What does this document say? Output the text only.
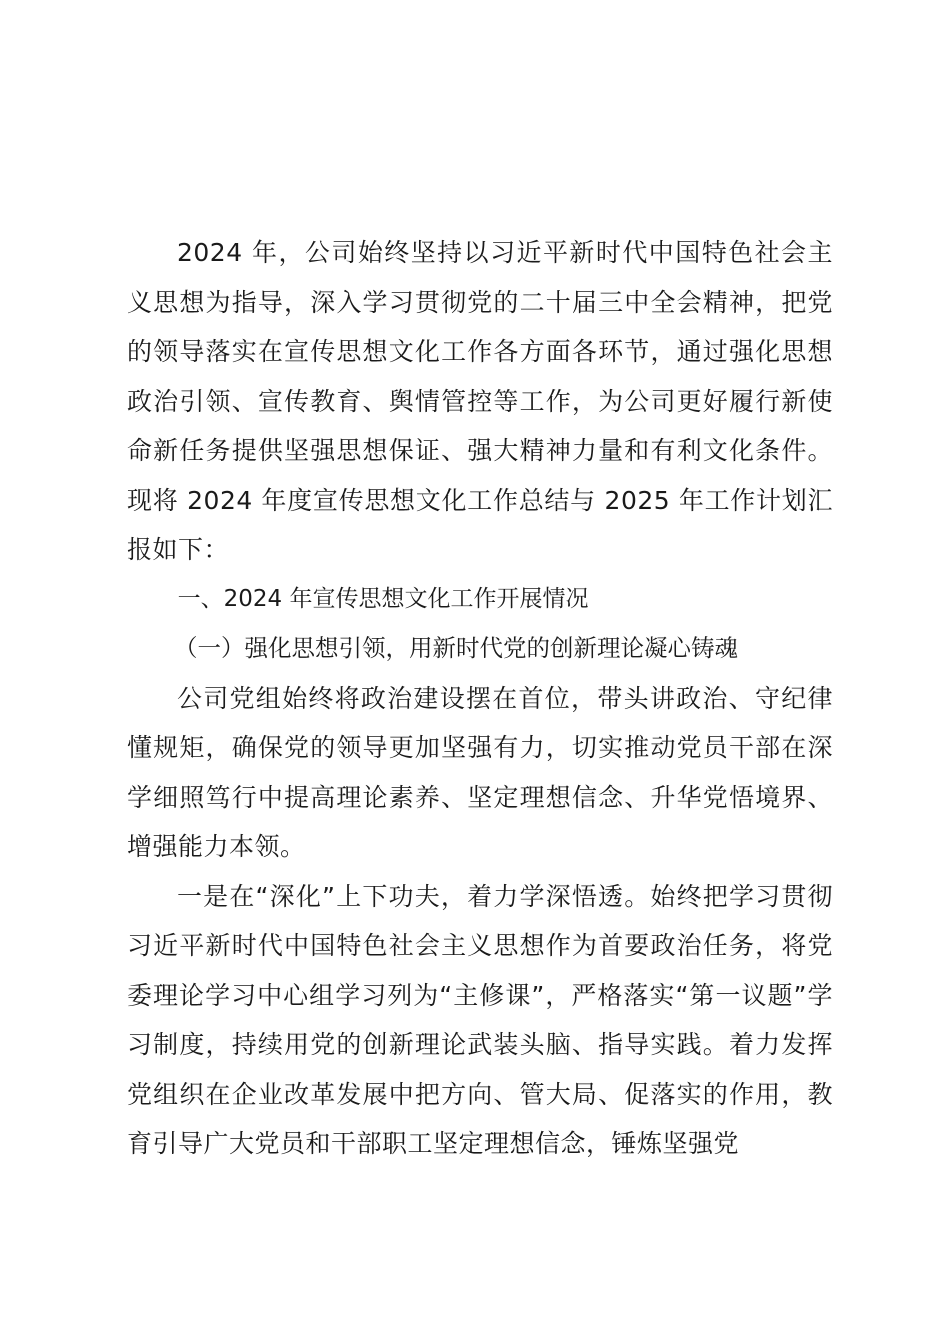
2024 年，公司始终坚持以习近平新时代中国特色社会主义思想为指导，深入学习贯彻党的二十届三中全会精神，把党的领导落实在宣传思想文化工作各方面各环节，通过强化思想政治引领、宣传教育、舆情管控等工作，为公司更好履行新使命新任务提供坚强思想保证、强大精神力量和有利文化条件。现将 2024 年度宣传思想文化工作总结与 2025 年工作计划汇报如下：

一、2024 年宣传思想文化工作开展情况

（一）强化思想引领，用新时代党的创新理论凝心铸魂

公司党组始终将政治建设摆在首位，带头讲政治、守纪律懂规矩，确保党的领导更加坚强有力，切实推动党员干部在深学细照笃行中提高理论素养、坚定理想信念、升华党悟境界、增强能力本领。

一是在“深化”上下功夫，着力学深悟透。始终把学习贯彻习近平新时代中国特色社会主义思想作为首要政治任务，将党委理论学习中心组学习列为“主修课”，严格落实“第一议题”学习制度，持续用党的创新理论武装头脑、指导实践。着力发挥党组织在企业改革发展中把方向、管大局、促落实的作用，教育引导广大党员和干部职工坚定理想信念，锤炼坚强党
